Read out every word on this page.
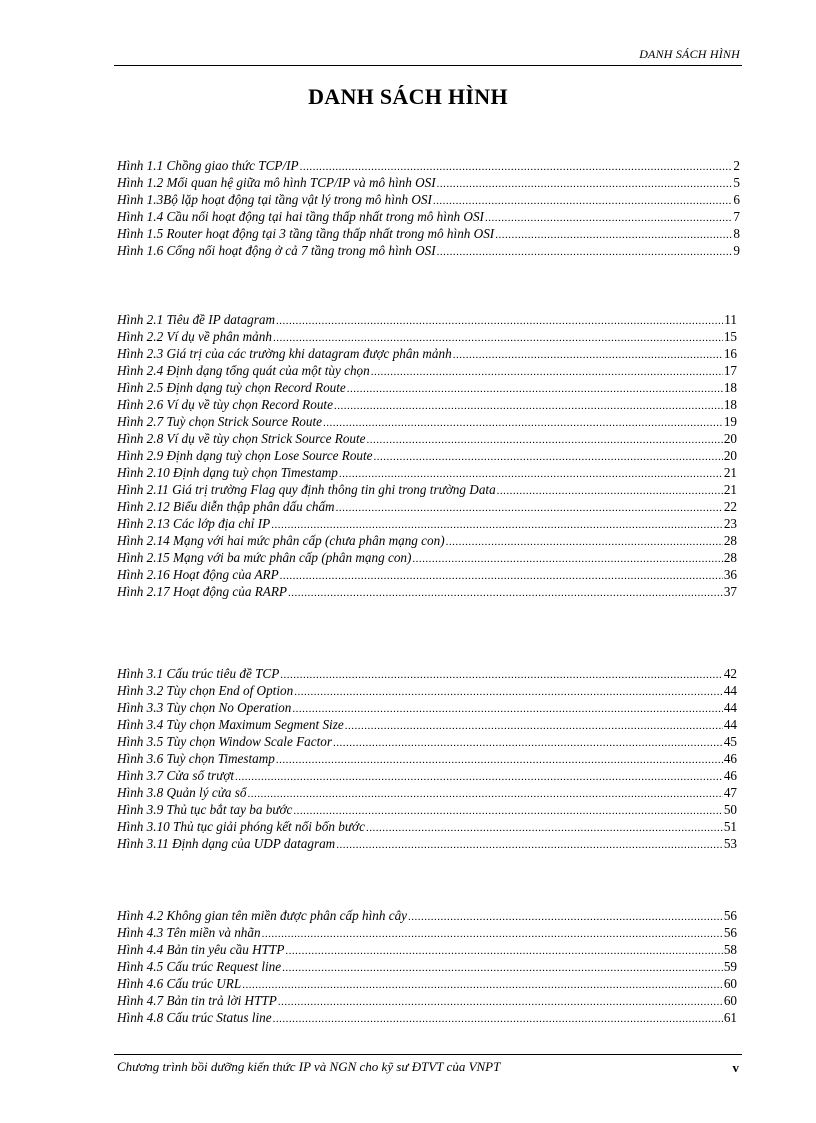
DANH SÁCH HÌNH
DANH SÁCH HÌNH
Hình 1.1 Chồng giao thức TCP/IP .....	2
Hình 1.2 Mối quan hệ giữa mô hình TCP/IP và mô hình OSI .....	5
Hình 1.3Bộ lặp hoạt động tại tầng vật lý trong mô hình OSI .....	6
Hình 1.4 Cầu nối hoạt động tại hai tầng thấp nhất trong mô hình OSI .....	7
Hình 1.5 Router hoạt động tại 3 tầng tầng thấp nhất trong mô hình OSI .....	8
Hình 1.6 Cổng nối hoạt động ở cả 7 tầng trong mô hình OSI .....	9
Hình 2.1 Tiêu đề IP datagram .....	11
Hình 2.2 Ví dụ về phân mảnh .....	15
Hình 2.3 Giá trị của các trường khi datagram được phân mảnh .....	16
Hình 2.4 Định dạng tổng quát của một tùy chọn .....	17
Hình 2.5 Định dạng tuỳ chọn Record Route .....	18
Hình 2.6 Ví dụ về tùy chọn Record Route .....	18
Hình 2.7 Tuỳ chọn Strick Source Route .....	19
Hình 2.8 Ví dụ về tùy chọn Strick Source Route .....	20
Hình 2.9 Định dạng tuỳ chọn Lose Source Route .....	20
Hình 2.10 Định dạng tuỳ chọn Timestamp .....	21
Hình 2.11 Giá trị trường Flag quy định thông tin ghi trong trường Data .....	21
Hình 2.12 Biểu diễn thập phân dấu chấm .....	22
Hình 2.13 Các lớp địa chỉ IP .....	23
Hình 2.14 Mạng với hai mức phân cấp (chưa phân mạng con) .....	28
Hình 2.15 Mạng với ba mức phân cấp (phân mạng con) .....	28
Hình 2.16 Hoạt động của ARP .....	36
Hình 2.17 Hoạt động của RARP .....	37
Hình 3.1 Cấu trúc tiêu đề TCP .....	42
Hình 3.2 Tùy chọn End of Option .....	44
Hình 3.3 Tùy chọn No Operation .....	44
Hình 3.4 Tùy chọn Maximum Segment Size .....	44
Hình 3.5 Tùy chọn Window Scale Factor .....	45
Hình 3.6 Tuỳ chọn Timestamp .....	46
Hình 3.7 Cửa sổ trượt .....	46
Hình 3.8 Quản lý cửa sổ .....	47
Hình 3.9 Thủ tục bắt tay ba bước .....	50
Hình 3.10 Thủ tục giải phóng kết nối bốn bước .....	51
Hình 3.11 Định dạng của UDP datagram .....	53
Hình 4.2 Không gian tên miền được phân cấp hình cây .....	56
Hình 4.3 Tên miền và nhãn .....	56
Hình 4.4 Bản tin yêu cầu HTTP .....	58
Hình 4.5 Cấu trúc Request line .....	59
Hình 4.6 Cấu trúc URL .....	60
Hình 4.7 Bản tin trả lời HTTP .....	60
Hình 4.8 Cấu trúc Status line .....	61
Chương trình bồi dưỡng kiến thức IP và NGN cho kỹ sư ĐTVT của VNPT	v
